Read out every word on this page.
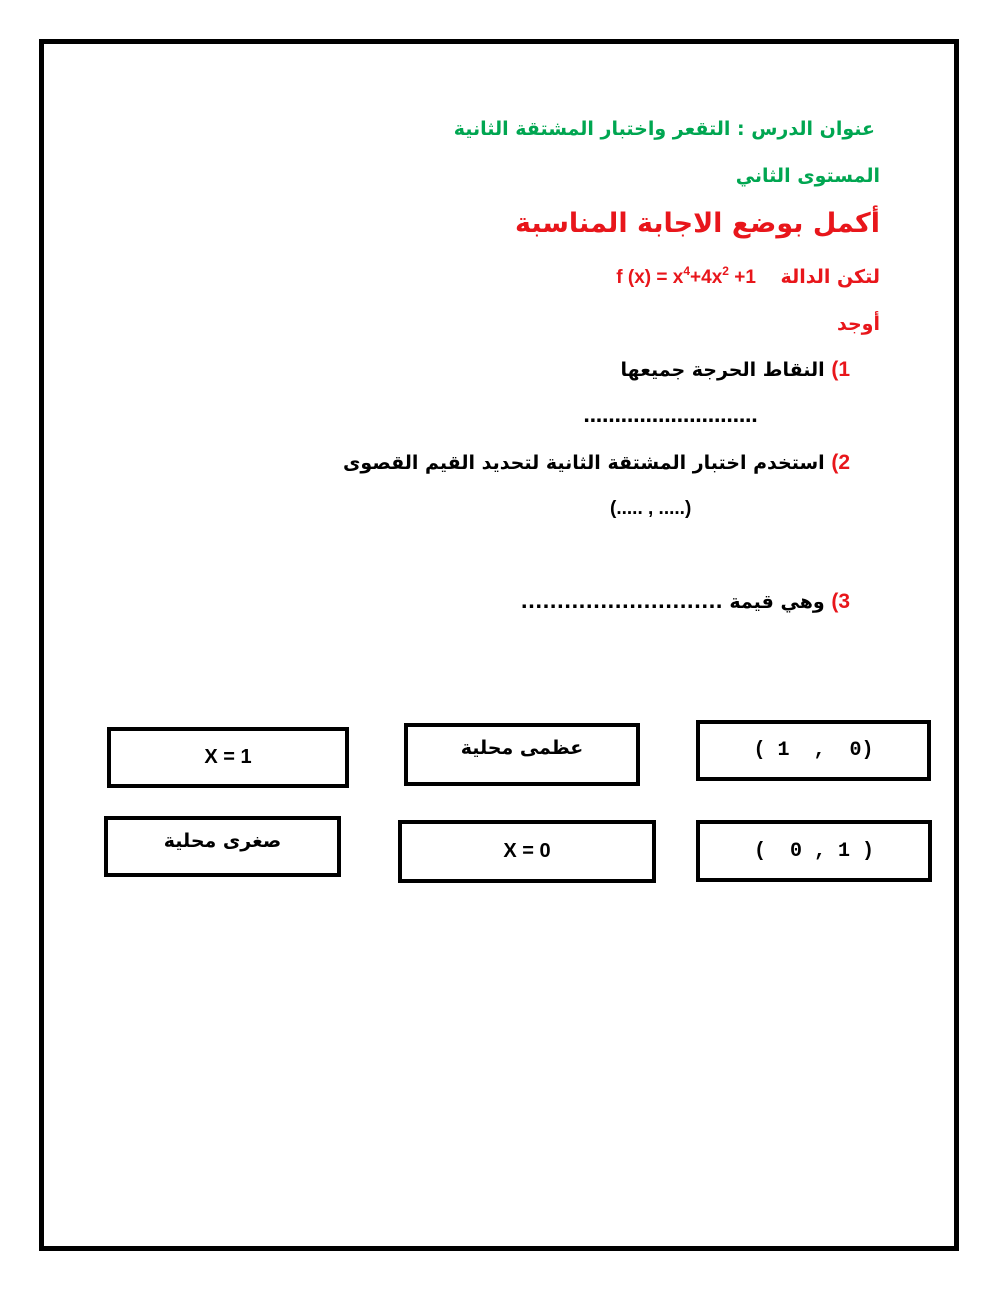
عنوان الدرس : التقعر واختبار المشتقة الثانية
المستوى الثاني
أكمل بوضع الاجابة المناسبة
لتكن الدالة f $(x) = x^4+4x^2 +1$
أوجد
1) النقاط الحرجة جميعها
............................
2) استخدم اختبار المشتقة الثانية لتحديد القيم القصوى
(..... , .....)
3) وهي قيمة ............................
X = 1	عظمى محلية	( 1  ,  0)
صغرى محلية	X = 0	(  0 , 1 )
